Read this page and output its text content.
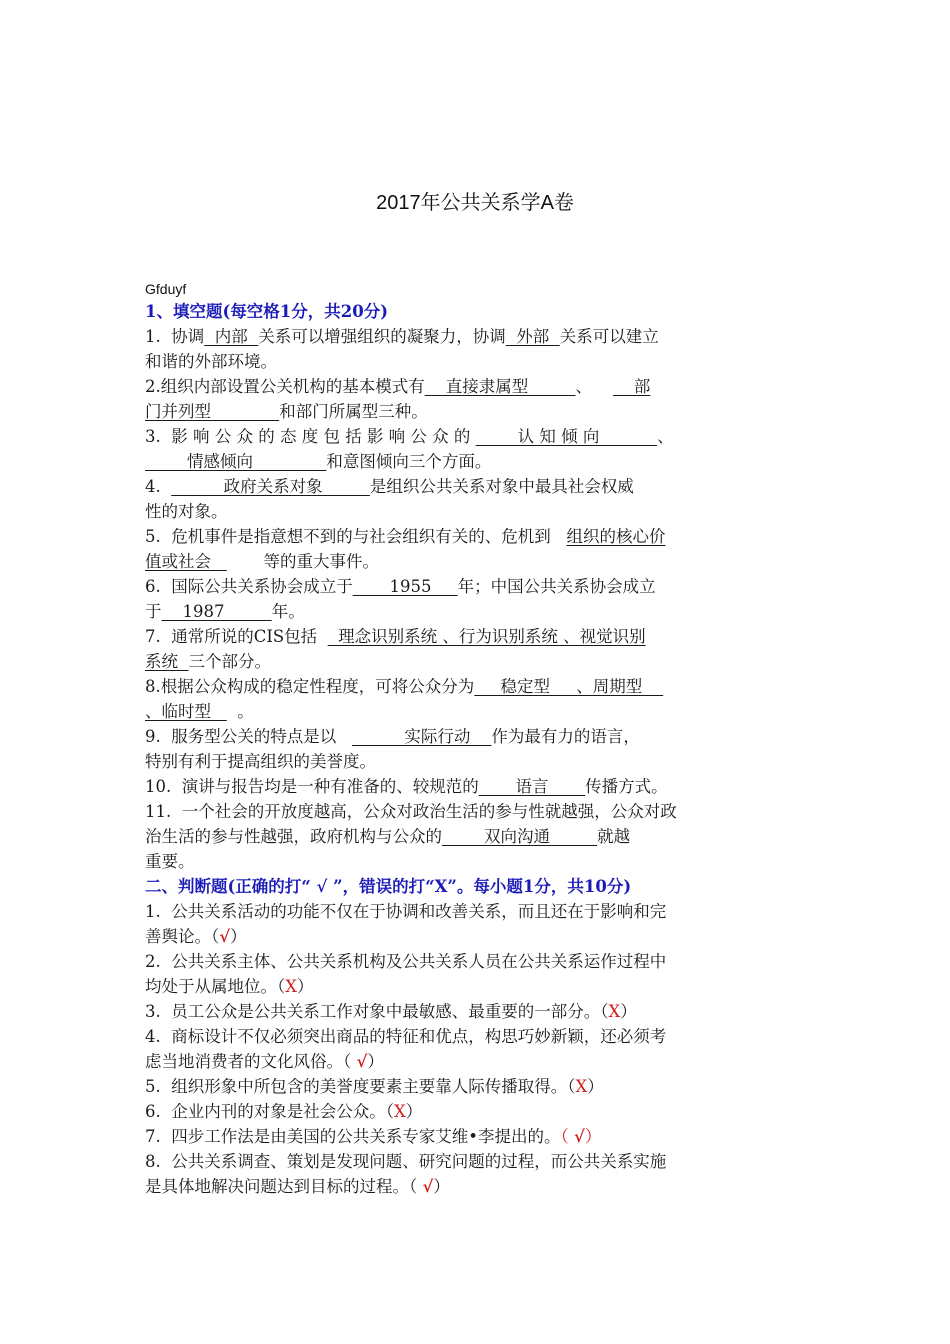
2017年公共关系学A卷
Gfduyf
1、填空题(每空格1分，共20分)
1.  协调  内部  关系可以增强组织的凝聚力，协调  外部  关系可以建立
和谐的外部环境。
2.组织内部设置公关机构的基本模式有    直接隶属型         、        部
门并列型             和部门所属型三种。
3.  影 响 公 众 的 态 度 包 括 影 响 公 众 的         认 知 倾 向           、
情感倾向              和意图倾向三个方面。
4.            政府关系对象         是组织公共关系对象中最具社会权威
性的对象。
5.  危机事件是指意想不到的与社会组织有关的、危机到   组织的核心价
值或社会          等的重大事件。
6.  国际公共关系协会成立于       1955     年；中国公共关系协会成立
于    1987         年。
7.  通常所说的CIS包括    理念识别系统 、行为识别系统 、视觉识别
系统  三个部分。
8.根据公众构成的稳定性程度，可将公众分为     稳定型     、周期型
、临时型     。
9.  服务型公关的特点是以             实际行动    作为最有力的语言，
特别有利于提高组织的美誉度。
10.  演讲与报告均是一种有准备的、较规范的       语言       传播方式。
11.  一个社会的开放度越高，公众对政治生活的参与性就越强，公众对政
治生活的参与性越强，政府机构与公众的        双向沟通         就越
重要。
二、判断题(正确的打“ √ ”，错误的打“X”。每小题1分，共10分)
1.  公共关系活动的功能不仅在于协调和改善关系，而且还在于影响和完
善舆论。（√）
2.  公共关系主体、公共关系机构及公共关系人员在公共关系运作过程中
均处于从属地位。（X）
3.  员工公众是公共关系工作对象中最敏感、最重要的一部分。（X）
4.  商标设计不仅必须突出商品的特征和优点，构思巧妙新颖，还必须考
虑当地消费者的文化风俗。（ √）
5.  组织形象中所包含的美誉度要素主要靠人际传播取得。（X）
6.  企业内刊的对象是社会公众。（X）
7.  四步工作法是由美国的公共关系专家艾维•李提出的。（ √）
8.  公共关系调查、策划是发现问题、研究问题的过程，而公共关系实施
是具体地解决问题达到目标的过程。（ √）
